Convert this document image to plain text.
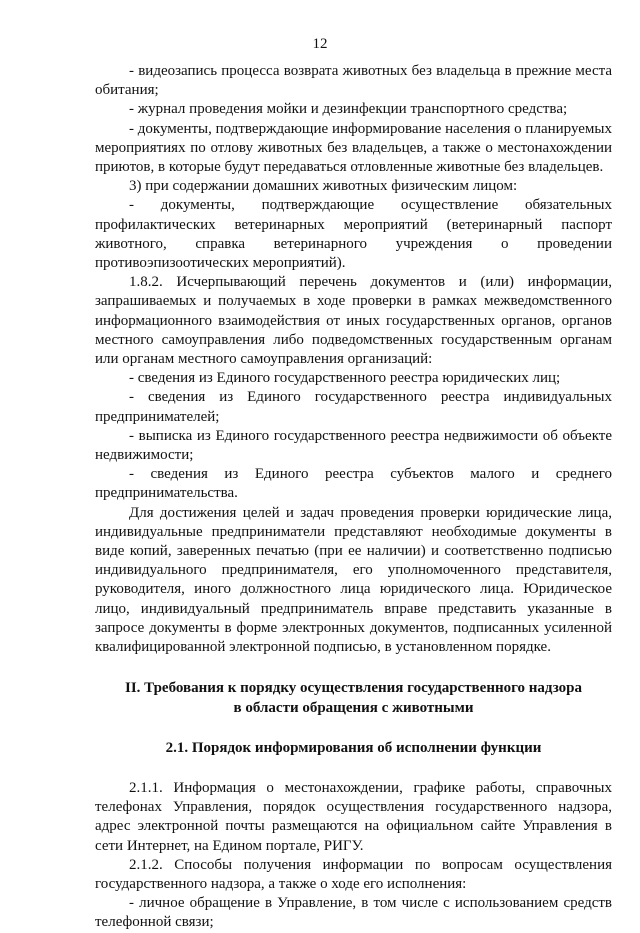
12

- видеозапись процесса возврата животных без владельца в прежние места обитания;

- журнал проведения мойки и дезинфекции транспортного средства;

- документы, подтверждающие информирование населения о планируемых мероприятиях по отлову животных без владельцев, а также о местонахождении приютов, в которые будут передаваться отловленные животные без владельцев.

3) при содержании домашних животных физическим лицом:

- документы, подтверждающие осуществление обязательных профилактических ветеринарных мероприятий (ветеринарный паспорт животного, справка ветеринарного учреждения о проведении противоэпизоотических мероприятий).

1.8.2. Исчерпывающий перечень документов и (или) информации, запрашиваемых и получаемых в ходе проверки в рамках межведомственного информационного взаимодействия от иных государственных органов, органов местного самоуправления либо подведомственных государственным органам или органам местного самоуправления организаций:

- сведения из Единого государственного реестра юридических лиц;

- сведения из Единого государственного реестра индивидуальных предпринимателей;

- выписка из Единого государственного реестра недвижимости об объекте недвижимости;

- сведения из Единого реестра субъектов малого и среднего предпринимательства.

Для достижения целей и задач проведения проверки юридические лица, индивидуальные предприниматели представляют необходимые документы в виде копий, заверенных печатью (при ее наличии) и соответственно подписью индивидуального предпринимателя, его уполномоченного представителя, руководителя, иного должностного лица юридического лица. Юридическое лицо, индивидуальный предприниматель вправе представить указанные в запросе документы в форме электронных документов, подписанных усиленной квалифицированной электронной подписью, в установленном порядке.

II. Требования к порядку осуществления государственного надзора
в области обращения с животными
2.1. Порядок информирования об исполнении функции

2.1.1. Информация о местонахождении, графике работы, справочных телефонах Управления, порядок осуществления государственного надзора, адрес электронной почты размещаются на официальном сайте Управления в сети Интернет, на Едином портале, РИГУ.

2.1.2. Способы получения информации по вопросам осуществления государственного надзора, а также о ходе его исполнения:

- личное обращение в Управление, в том числе с использованием средств телефонной связи;
